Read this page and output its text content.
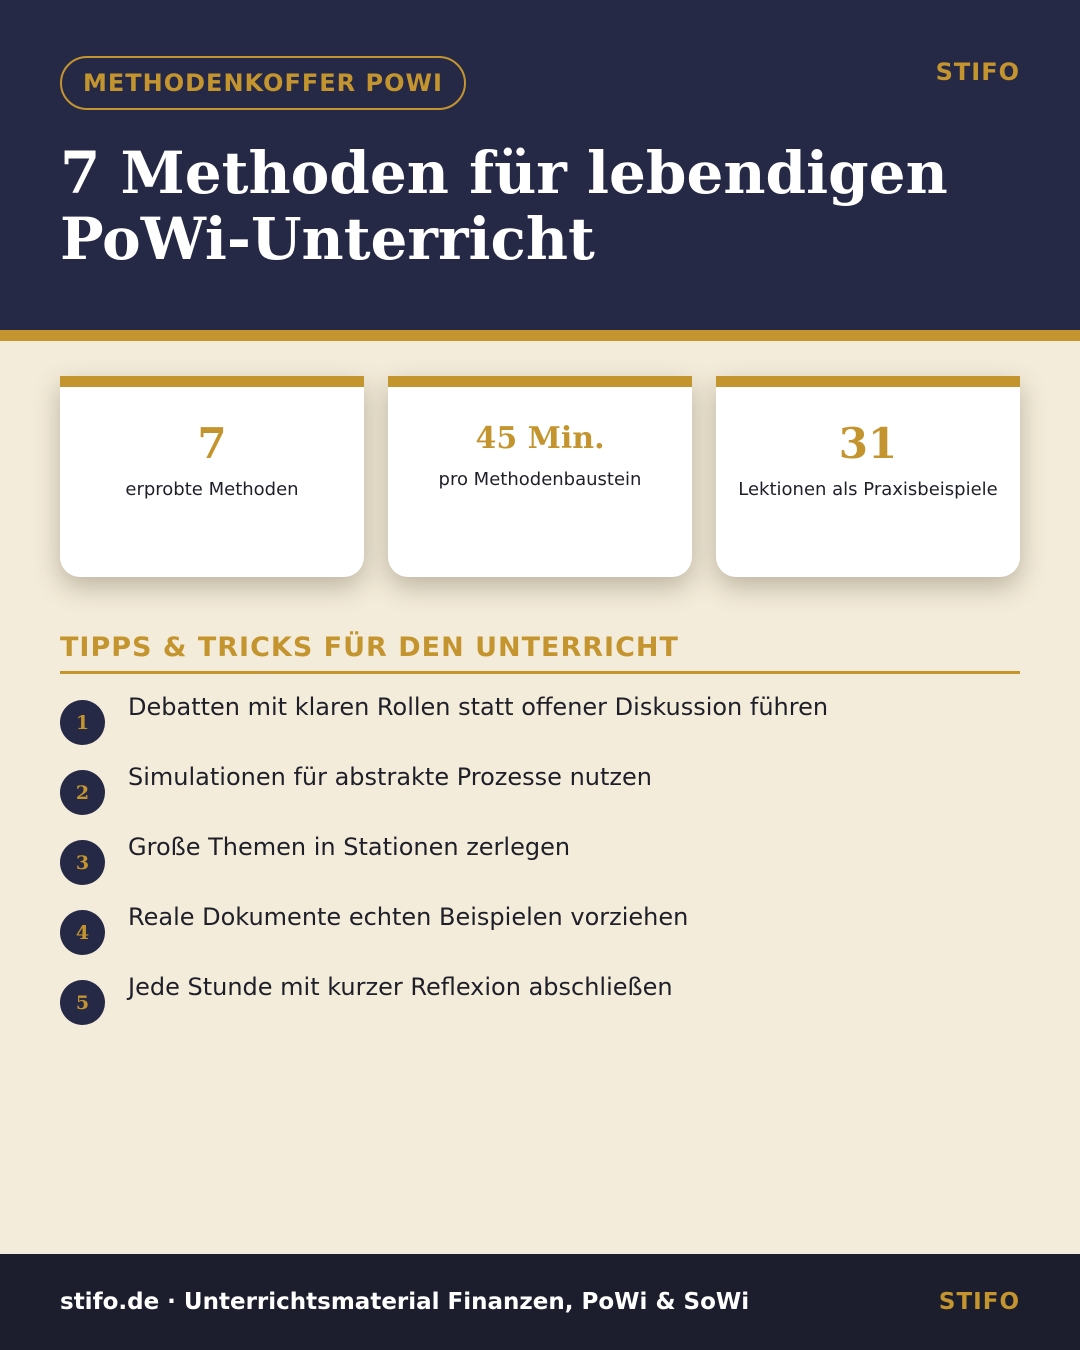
METHODENKOFFER POWI	STIFO
7 Methoden für lebendigen
PoWi-Unterricht
7
erprobte Methoden
45 Min.
pro Methodenbaustein
31
Lektionen als Praxisbeispiele
TIPPS & TRICKS FÜR DEN UNTERRICHT
1
Debatten mit klaren Rollen statt offener Diskussion führen
2
Simulationen für abstrakte Prozesse nutzen
3
Große Themen in Stationen zerlegen
4
Reale Dokumente echten Beispielen vorziehen
5
Jede Stunde mit kurzer Reflexion abschließen
stifo.de · Unterrichtsmaterial Finanzen, PoWi & SoWi	STIFO
